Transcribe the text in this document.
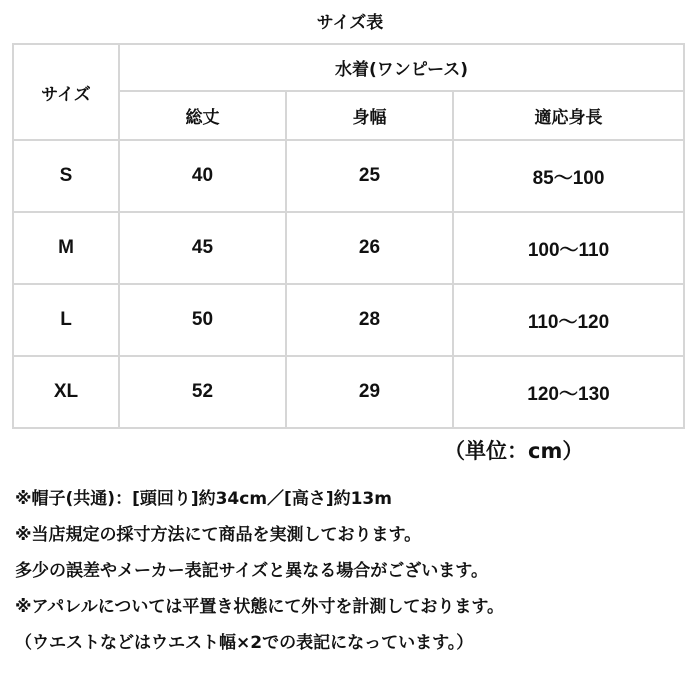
サイズ表
サイズ	水着(ワンピース)		
	総丈	身幅	適応身長
S	40	25	85～100
M	45	26	100～110
L	50	28	110～120
XL	52	29	120～130
（単位：cm）
※帽子(共通)：[頭回り]約34cm／[高さ]約13m
※当店規定の採寸方法にて商品を実測しております。
多少の誤差やメーカー表記サイズと異なる場合がございます。
※アパレルについては平置き状態にて外寸を計測しております。
（ウエストなどはウエスト幅×2での表記になっています。）
